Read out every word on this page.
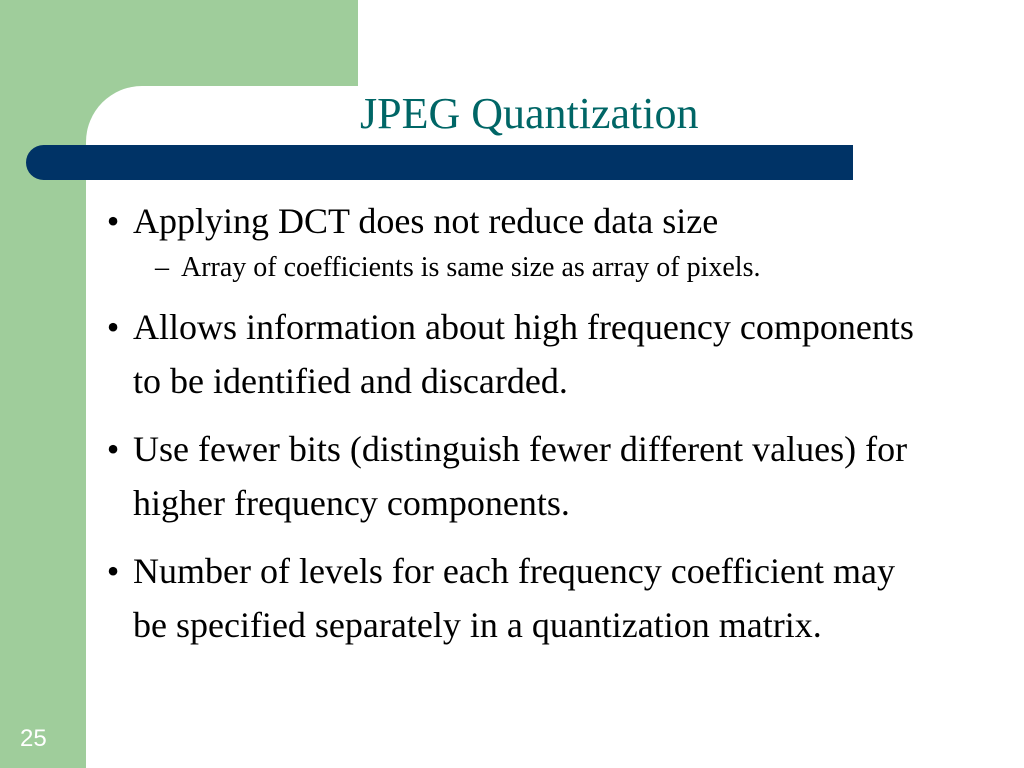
JPEG Quantization
• Applying DCT does not reduce data size
– Array of coefficients is same size as array of pixels.
• Allows information about high frequency components to be identified and discarded.
• Use fewer bits (distinguish fewer different values) for higher frequency components.
• Number of levels for each frequency coefficient may be specified separately in a quantization matrix.
25
